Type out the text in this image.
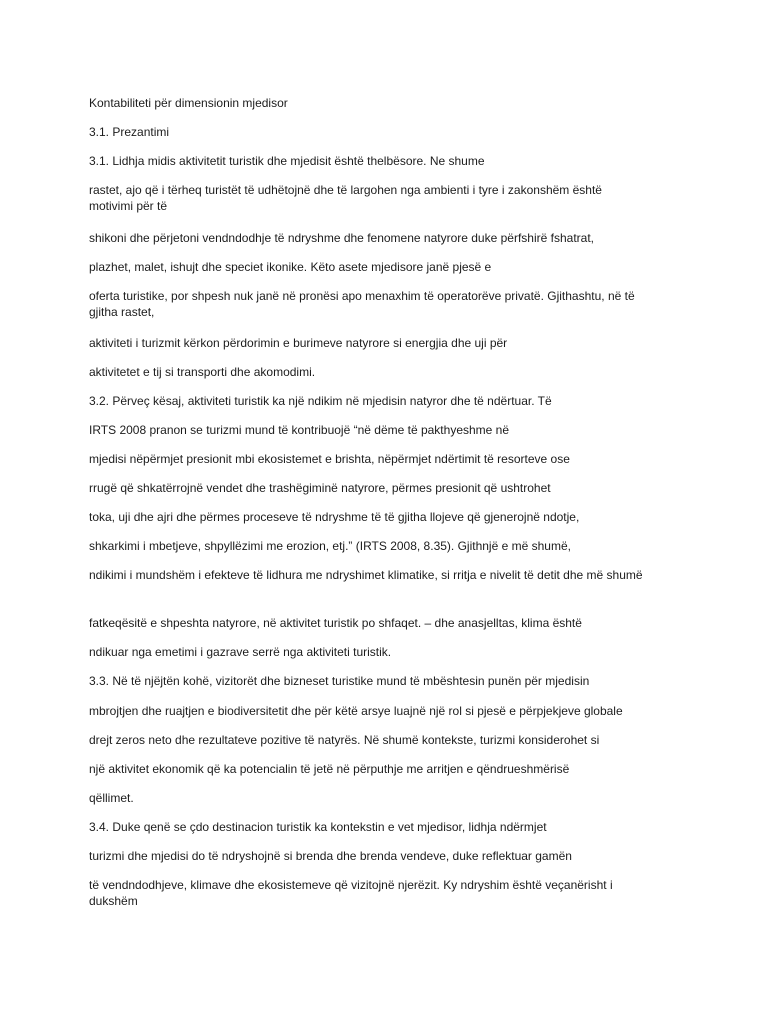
Kontabiliteti për dimensionin mjedisor
3.1. Prezantimi
3.1. Lidhja midis aktivitetit turistik dhe mjedisit është thelbësore. Ne shume
rastet, ajo që i tërheq turistët të udhëtojnë dhe të largohen nga ambienti i tyre i zakonshëm është motivimi për të
shikoni dhe përjetoni vendndodhje të ndryshme dhe fenomene natyrore duke përfshirë fshatrat,
plazhet, malet, ishujt dhe speciet ikonike. Këto asete mjedisore janë pjesë e
oferta turistike, por shpesh nuk janë në pronësi apo menaxhim të operatorëve privatë. Gjithashtu, në të gjitha rastet,
aktiviteti i turizmit kërkon përdorimin e burimeve natyrore si energjia dhe uji për
aktivitetet e tij si transporti dhe akomodimi.
3.2. Përveç kësaj, aktiviteti turistik ka një ndikim në mjedisin natyror dhe të ndërtuar. Të
IRTS 2008 pranon se turizmi mund të kontribuojë “në dëme të pakthyeshme në
mjedisi nëpërmjet presionit mbi ekosistemet e brishta, nëpërmjet ndërtimit të resorteve ose
rrugë që shkatërrojnë vendet dhe trashëgiminë natyrore, përmes presionit që ushtrohet
toka, uji dhe ajri dhe përmes proceseve të ndryshme të të gjitha llojeve që gjenerojnë ndotje,
shkarkimi i mbetjeve, shpyllëzimi me erozion, etj.” (IRTS 2008, 8.35). Gjithnjë e më shumë,
ndikimi i mundshëm i efekteve të lidhura me ndryshimet klimatike, si rritja e nivelit të detit dhe më shumë
fatkeqësitë e shpeshta natyrore, në aktivitet turistik po shfaqet. – dhe anasjelltas, klima është
ndikuar nga emetimi i gazrave serrë nga aktiviteti turistik.
3.3. Në të njëjtën kohë, vizitorët dhe bizneset turistike mund të mbështesin punën për mjedisin
mbrojtjen dhe ruajtjen e biodiversitetit dhe për këtë arsye luajnë një rol si pjesë e përpjekjeve globale
drejt zeros neto dhe rezultateve pozitive të natyrës. Në shumë kontekste, turizmi konsiderohet si
një aktivitet ekonomik që ka potencialin të jetë në përputhje me arritjen e qëndrueshmërisë
qëllimet.
3.4. Duke qenë se çdo destinacion turistik ka kontekstin e vet mjedisor, lidhja ndërmjet
turizmi dhe mjedisi do të ndryshojnë si brenda dhe brenda vendeve, duke reflektuar gamën
të vendndodhjeve, klimave dhe ekosistemeve që vizitojnë njerëzit. Ky ndryshim është veçanërisht i dukshëm
